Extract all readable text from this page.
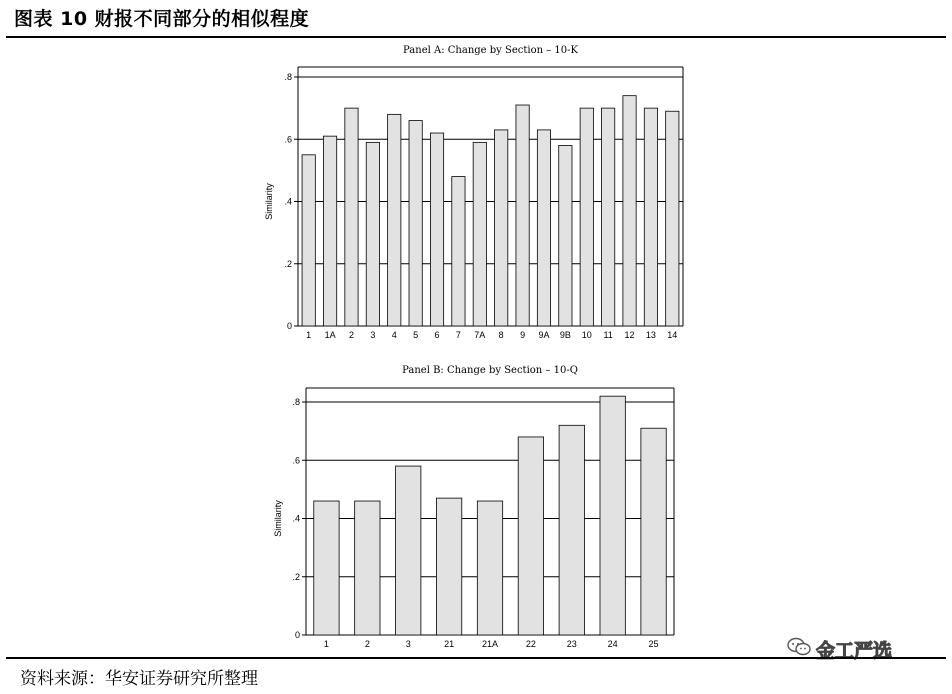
图表 10 财报不同部分的相似程度
Panel A: Change by Section – 10-K
0
.2
.4
.6
.8
Similarity
1 1A 2 3 4 5 6 7 7A 8 9 9A 9B 10 11 12 13 14
Panel B: Change by Section – 10-Q
0
.2
.4
.6
.8
Similarity
1	2	3	21	21A	22	23	24	25	金工严选
资料来源：华安证券研究所整理
